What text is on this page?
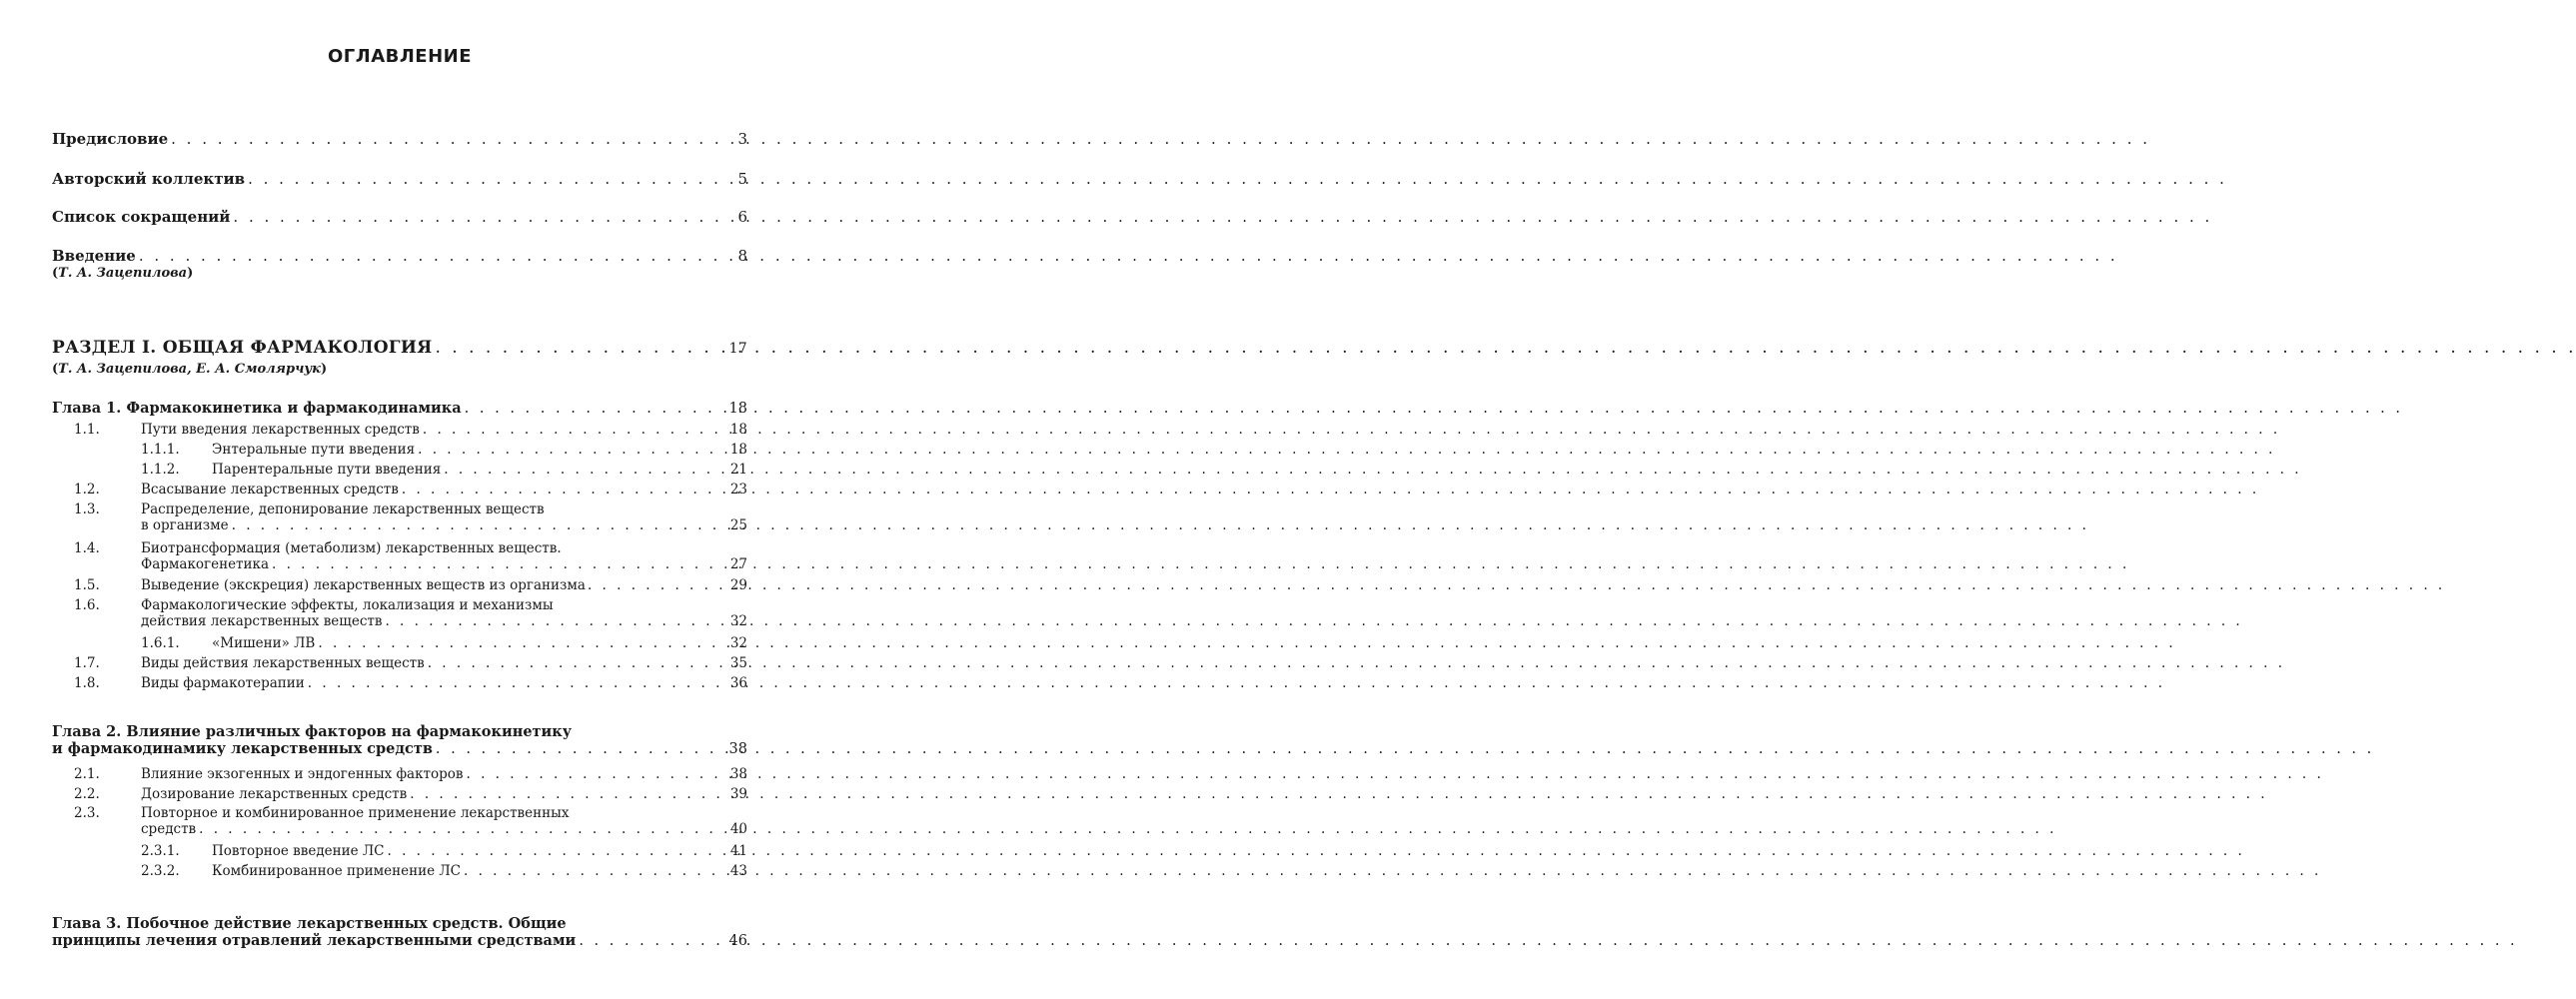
ОГЛАВЛЕНИЕ
Предисловие . . .	3
Авторский коллектив . . .	5
Список сокращений . . .	6
Введение . . .	8
(Т. А. Зацепилова)
РАЗДЕЛ I. ОБЩАЯ ФАРМАКОЛОГИЯ . . .	17
(Т. А. Зацепилова, Е. А. Смолярчук)
Глава 1. Фармакокинетика и фармакодинамика . . .	18
1.1.	Пути введения лекарственных средств . . .	18
1.1.1. Энтеральные пути введения . . .	18
1.1.2. Парентеральные пути введения . . .	21
1.2.	Всасывание лекарственных средств . . .	23
1.3.	Распределение, депонирование лекарственных веществ
в организме . . .	25
1.4.	Биотрансформация (метаболизм) лекарственных веществ.
Фармакогенетика . . .	27
1.5.	Выведение (экскреция) лекарственных веществ из организма . . .	29
1.6.	Фармакологические эффекты, локализация и механизмы
действия лекарственных веществ . . .	32
1.6.1. «Мишени» ЛВ . . .	32
1.7.	Виды действия лекарственных веществ . . .	35
1.8.	Виды фармакотерапии . . .	36
Глава 2. Влияние различных факторов на фармакокинетику
и фармакодинамику лекарственных средств . . .	38
2.1.	Влияние экзогенных и эндогенных факторов . . .	38
2.2.	Дозирование лекарственных средств . . .	39
2.3.	Повторное и комбинированное применение лекарственных
средств . . .	40
2.3.1. Повторное введение ЛС . . .	41
2.3.2. Комбинированное применение ЛС . . .	43
Глава 3. Побочное действие лекарственных средств. Общие
принципы лечения отравлений лекарственными средствами . . .	46
